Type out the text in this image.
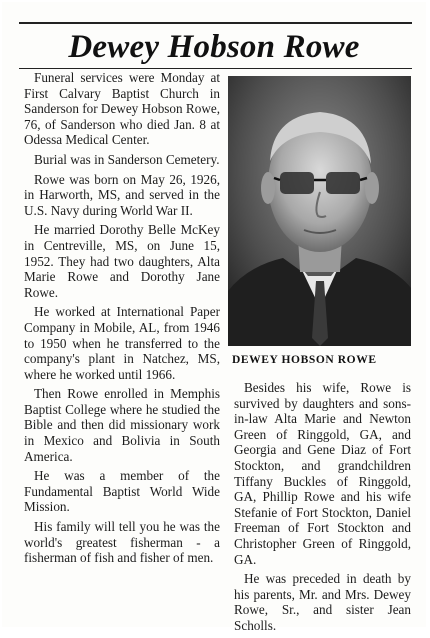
Dewey Hobson Rowe

Funeral services were Monday at First Calvary Baptist Church in Sanderson for Dewey Hobson Rowe, 76, of Sanderson who died Jan. 8 at Odessa Medical Center.

Burial was in Sanderson Cemetery.

Rowe was born on May 26, 1926, in Harworth, MS, and served in the U.S. Navy during World War II.

He married Dorothy Belle McKey in Centreville, MS, on June 15, 1952. They had two daughters, Alta Marie Rowe and Dorothy Jane Rowe.

He worked at International Paper Company in Mobile, AL, from 1946 to 1950 when he transferred to the company's plant in Natchez, MS, where he worked until 1966.

Then Rowe enrolled in Memphis Baptist College where he studied the Bible and then did missionary work in Mexico and Bolivia in South America.

He was a member of the Fundamental Baptist World Wide Mission.

His family will tell you he was the world's greatest fisherman - a fisherman of fish and fisher of men.

DEWEY HOBSON ROWE

Besides his wife, Rowe is survived by daughters and sons-in-law Alta Marie and Newton Green of Ringgold, GA, and Georgia and Gene Diaz of Fort Stockton, and grandchildren Tiffany Buckles of Ringgold, GA, Phillip Rowe and his wife Stefanie of Fort Stockton, Daniel Freeman of Fort Stockton and Christopher Green of Ringgold, GA.

He was preceded in death by his parents, Mr. and Mrs. Dewey Rowe, Sr., and sister Jean Scholls.
